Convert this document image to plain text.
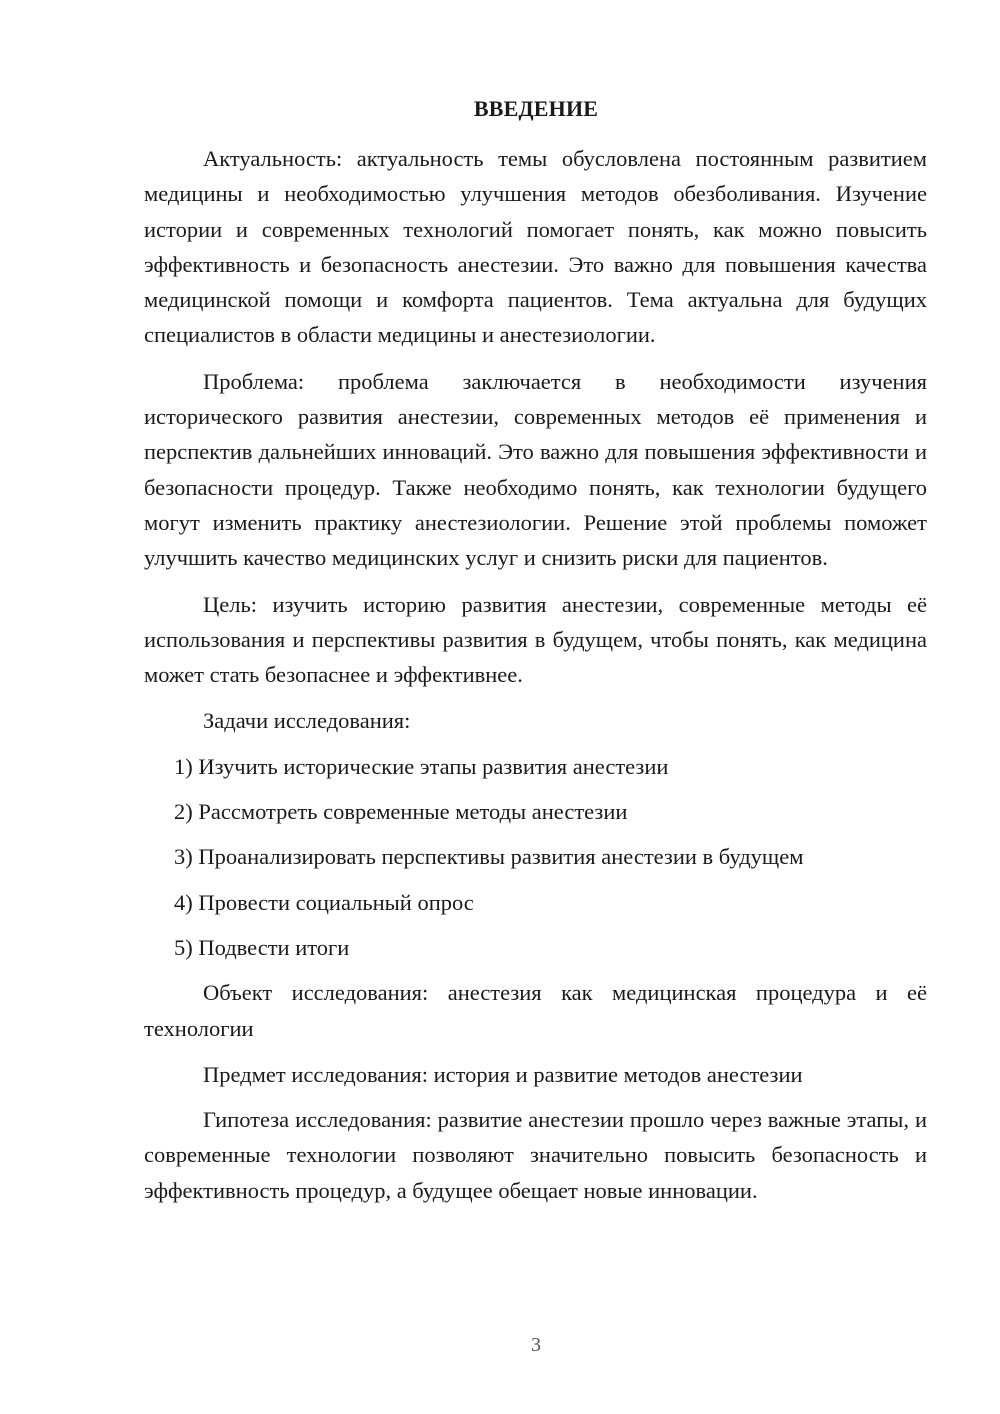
ВВЕДЕНИЕ

Актуальность: актуальность темы обусловлена постоянным развитием медицины и необходимостью улучшения методов обезболивания. Изучение истории и современных технологий помогает понять, как можно повысить эффективность и безопасность анестезии. Это важно для повышения качества медицинской помощи и комфорта пациентов. Тема актуальна для будущих специалистов в области медицины и анестезиологии.

Проблема: проблема заключается в необходимости изучения исторического развития анестезии, современных методов её применения и перспектив дальнейших инноваций. Это важно для повышения эффективности и безопасности процедур. Также необходимо понять, как технологии будущего могут изменить практику анестезиологии. Решение этой проблемы поможет улучшить качество медицинских услуг и снизить риски для пациентов.

Цель: изучить историю развития анестезии, современные методы её использования и перспективы развития в будущем, чтобы понять, как медицина может стать безопаснее и эффективнее.

Задачи исследования:

1) Изучить исторические этапы развития анестезии
2) Рассмотреть современные методы анестезии
3) Проанализировать перспективы развития анестезии в будущем
4) Провести социальный опрос
5) Подвести итоги

Объект исследования: анестезия как медицинская процедура и её технологии

Предмет исследования: история и развитие методов анестезии

Гипотеза исследования: развитие анестезии прошло через важные этапы, и современные технологии позволяют значительно повысить безопасность и эффективность процедур, а будущее обещает новые инновации.

3
